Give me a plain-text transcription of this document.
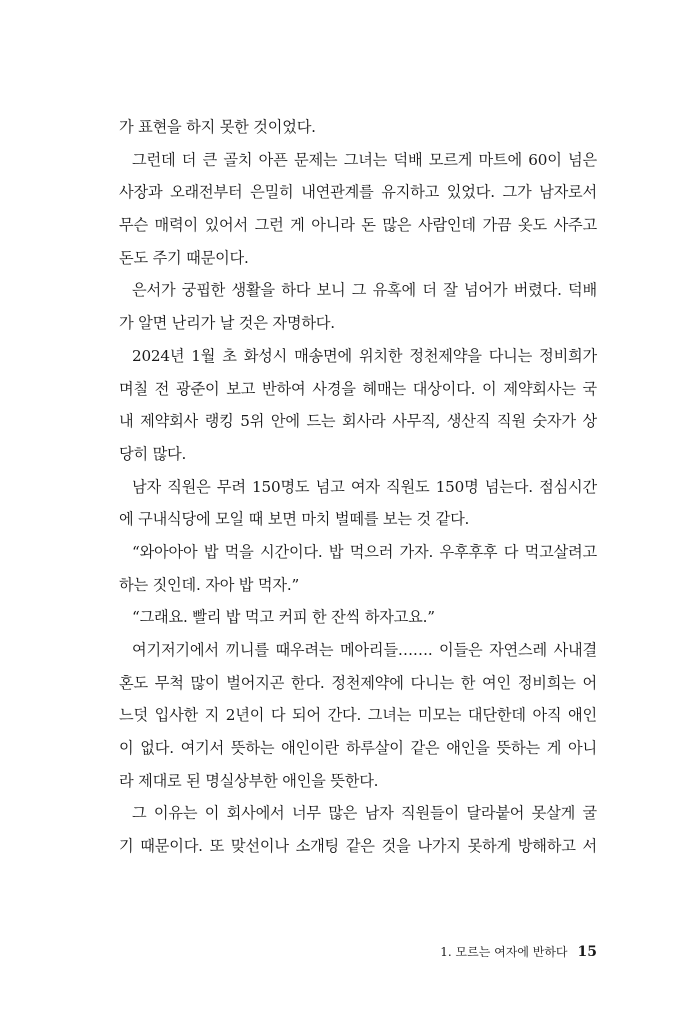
가 표현을 하지 못한 것이었다.
그런데 더 큰 골치 아픈 문제는 그녀는 덕배 모르게 마트에 60이 넘은
사장과 오래전부터 은밀히 내연관계를 유지하고 있었다. 그가 남자로서
무슨 매력이 있어서 그런 게 아니라 돈 많은 사람인데 가끔 옷도 사주고
돈도 주기 때문이다.
은서가 궁핍한 생활을 하다 보니 그 유혹에 더 잘 넘어가 버렸다. 덕배
가 알면 난리가 날 것은 자명하다.
2024년 1월 초 화성시 매송면에 위치한 정천제약을 다니는 정비희가
며칠 전 광준이 보고 반하여 사경을 헤매는 대상이다. 이 제약회사는 국
내 제약회사 랭킹 5위 안에 드는 회사라 사무직, 생산직 직원 숫자가 상
당히 많다.
남자 직원은 무려 150명도 넘고 여자 직원도 150명 넘는다. 점심시간
에 구내식당에 모일 때 보면 마치 벌떼를 보는 것 같다.
“와아아아 밥 먹을 시간이다. 밥 먹으러 가자. 우후후후 다 먹고살려고
하는 짓인데. 자아 밥 먹자.”
“그래요. 빨리 밥 먹고 커피 한 잔씩 하자고요.”
여기저기에서 끼니를 때우려는 메아리들……. 이들은 자연스레 사내결
혼도 무척 많이 벌어지곤 한다. 정천제약에 다니는 한 여인 정비희는 어
느덧 입사한 지 2년이 다 되어 간다. 그녀는 미모는 대단한데 아직 애인
이 없다. 여기서 뜻하는 애인이란 하루살이 같은 애인을 뜻하는 게 아니
라 제대로 된 명실상부한 애인을 뜻한다.
그 이유는 이 회사에서 너무 많은 남자 직원들이 달라붙어 못살게 굴
기 때문이다. 또 맞선이나 소개팅 같은 것을 나가지 못하게 방해하고 서
1. 모르는 여자에 반하다 15
